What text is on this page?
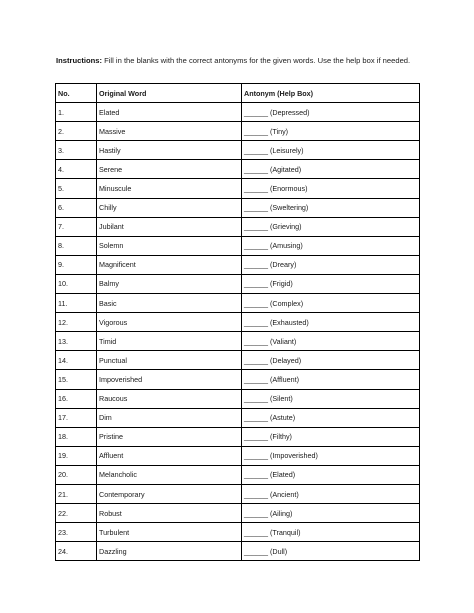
Instructions: Fill in the blanks with the correct antonyms for the given words. Use the help box if needed.
No.	Original Word	Antonym (Help Box)
1.	Elated	______ (Depressed)
2.	Massive	______ (Tiny)
3.	Hastily	______ (Leisurely)
4.	Serene	______ (Agitated)
5.	Minuscule	______ (Enormous)
6.	Chilly	______ (Sweltering)
7.	Jubilant	______ (Grieving)
8.	Solemn	______ (Amusing)
9.	Magnificent	______ (Dreary)
10.	Balmy	______ (Frigid)
11.	Basic	______ (Complex)
12.	Vigorous	______ (Exhausted)
13.	Timid	______ (Valiant)
14.	Punctual	______ (Delayed)
15.	Impoverished	______ (Affluent)
16.	Raucous	______ (Silent)
17.	Dim	______ (Astute)
18.	Pristine	______ (Filthy)
19.	Affluent	______ (Impoverished)
20.	Melancholic	______ (Elated)
21.	Contemporary	______ (Ancient)
22.	Robust	______ (Ailing)
23.	Turbulent	______ (Tranquil)
24.	Dazzling	______ (Dull)
